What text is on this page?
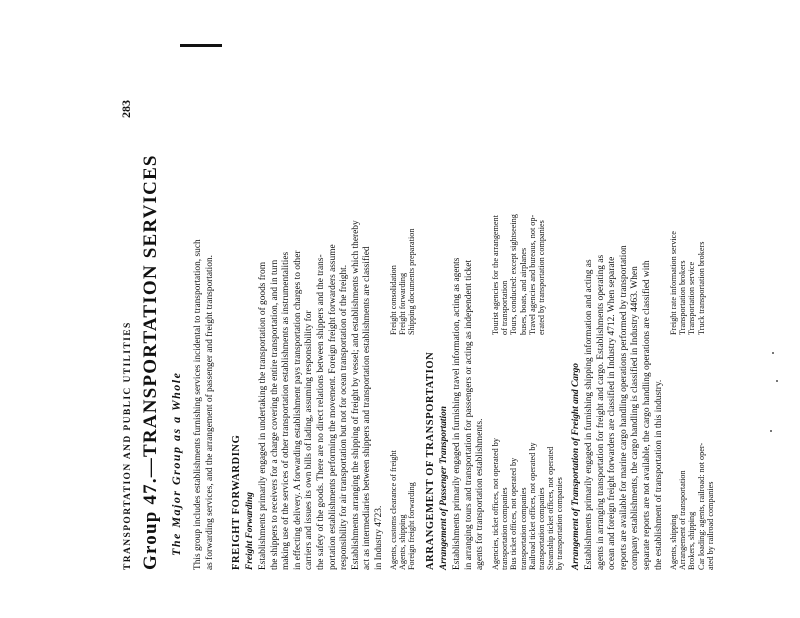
TRANSPORTATION AND PUBLIC UTILITIES
283
Group 47.—TRANSPORTATION SERVICES The Major Group as a Whole This group includes establishments furnishing services incidental to transportation, such as forwarding services, and the arrangement of passenger and freight transportation. FREIGHT FORWARDING Freight Forwarding Establishments primarily engaged in undertaking the transportation of goods from the shippers to receivers for a charge covering the entire transportation, and in turn making use of the services of other transportation establishments as instrumentalities in effecting delivery. A forwarding establishment pays transportation charges to other carriers and issues its own bills of lading, assuming responsibility for the safety of the goods. There are no direct relations between shippers and the trans- portation establishments performing the movement. Foreign freight forwarders assume responsibility for air transportation but not for ocean transportation of the freight. Establishments arranging the shipping of freight by vessel; and establishments which thereby act as intermediaries between shippers and transportation establishments are classified in Industry 4723. Agents, customs clearance of freight Agents, shipping Foreign freight forwarding
Freight consolidation Freight forwarding Shipping documents preparation
ARRANGEMENT OF TRANSPORTATION Arrangement of Passenger Transportation Establishments primarily engaged in furnishing travel information, acting as agents in arranging tours and transportation for passengers or acting as independent ticket agents for transportation establishments. Agencies, ticket offices, not operated by transportation companies Bus ticket offices, not operated by transportation companies Railroad ticket offices, not operated by transportation companies Steamship ticket offices, not operated by transportation companies
Tourist agencies for the arrangement of transportation Tours, conducted: except sightseeing buses, boats, and airplanes Travel agencies and bureaus, not op- erated by transportation companies
Arrangement of Transportation of Freight and Cargo Establishments primarily engaged in furnishing shipping information and acting as agents in arranging transportation for freight and cargo. Establishments operating as ocean and foreign freight forwarders are classified in Industry 4712. When separate reports are available for marine cargo handling operations performed by transportation company establishments, the cargo handling is classified in Industry 4463. When separate reports are not available, the cargo handling operations are classified with the establishment of transportation in this industry. Agents, shipping Arrangement of transportation Brokers, shipping Car loading: agents, railroad: not oper- ated by railroad companies
Freight rate information service Transportation brokers Transportation service Truck transportation brokers
